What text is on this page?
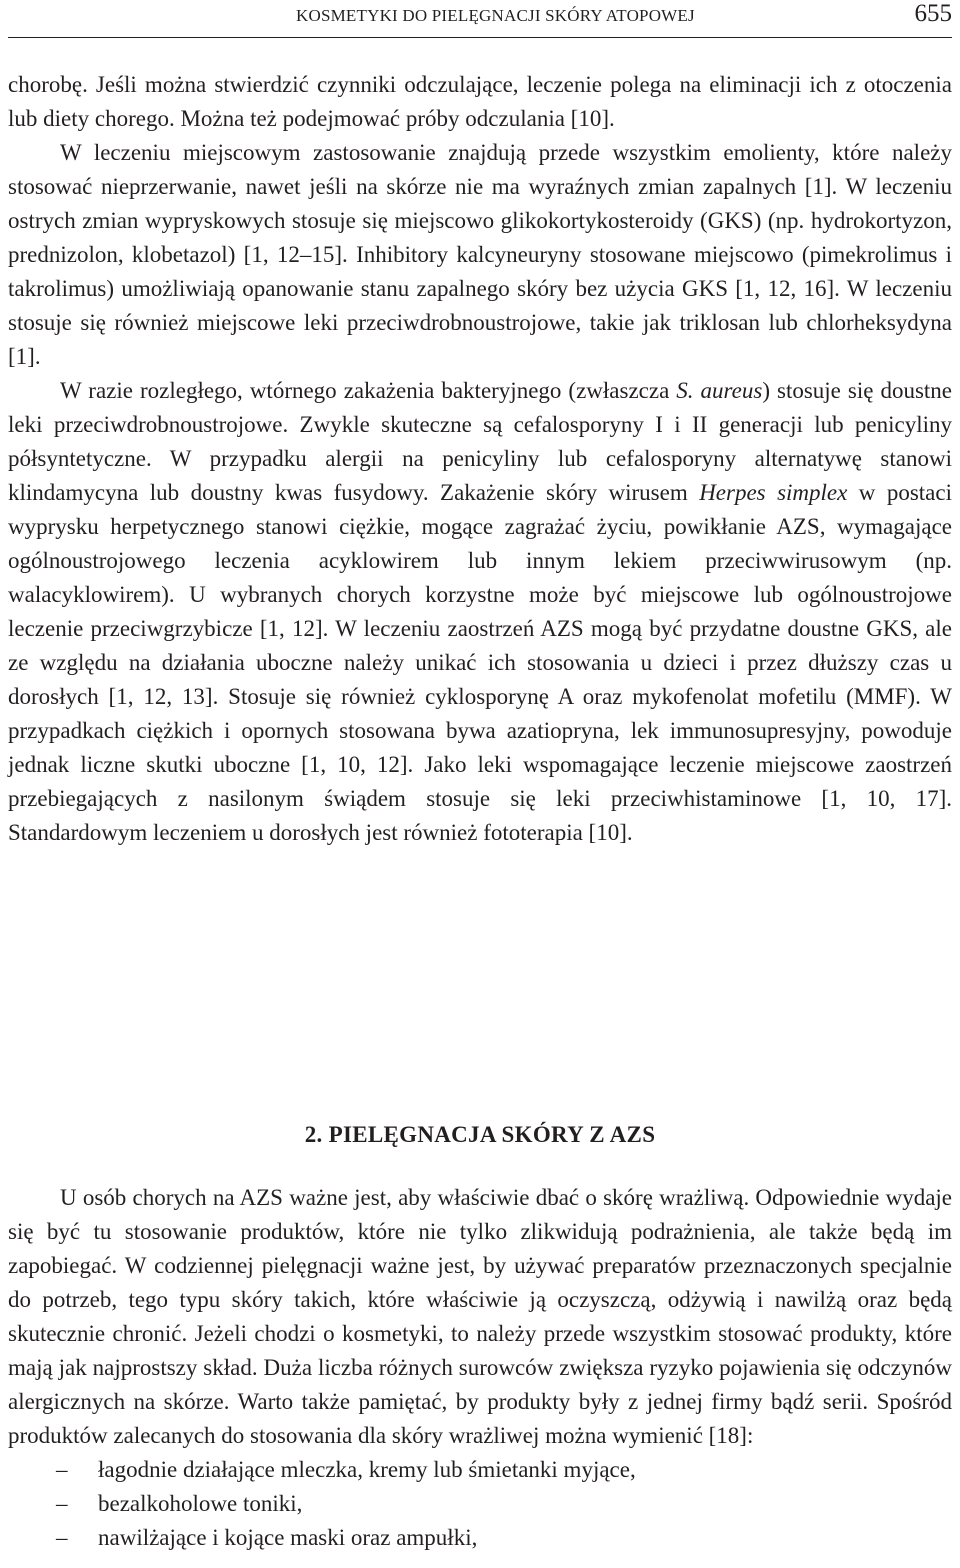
KOSMETYKI DO PIELĘGNACJI SKÓRY ATOPOWEJ	655

chorobę. Jeśli można stwierdzić czynniki odczulające, leczenie polega na eliminacji ich z otoczenia lub diety chorego. Można też podejmować próby odczulania [10].

W leczeniu miejscowym zastosowanie znajdują przede wszystkim emolienty, które należy stosować nieprzerwanie, nawet jeśli na skórze nie ma wyraźnych zmian zapalnych [1]. W leczeniu ostrych zmian wypryskowych stosuje się miejscowo glikokortykosteroidy (GKS) (np. hydrokortyzon, prednizolon, klobetazol) [1, 12–15]. Inhibitory kalcyneuryny stosowane miejscowo (pimekrolimus i takrolimus) umożliwiają opanowanie stanu zapalnego skóry bez użycia GKS [1, 12, 16]. W leczeniu stosuje się również miejscowe leki przeciwdrobnoustrojowe, takie jak triklosan lub chlorheksydyna [1].

W razie rozległego, wtórnego zakażenia bakteryjnego (zwłaszcza S. aureus) stosuje się doustne leki przeciwdrobnoustrojowe. Zwykle skuteczne są cefalosporyny I i II generacji lub penicyliny półsyntetyczne. W przypadku alergii na penicyliny lub cefalosporyny alternatywę stanowi klindamycyna lub doustny kwas fusydowy. Zakażenie skóry wirusem Herpes simplex w postaci wyprysku herpetycznego stanowi ciężkie, mogące zagrażać życiu, powikłanie AZS, wymagające ogólnoustrojowego leczenia acyklowirem lub innym lekiem przeciwwirusowym (np. walacyklowirem). U wybranych chorych korzystne może być miejscowe lub ogólnoustrojowe leczenie przeciwgrzybicze [1, 12]. W leczeniu zaostrzeń AZS mogą być przydatne doustne GKS, ale ze względu na działania uboczne należy unikać ich stosowania u dzieci i przez dłuższy czas u dorosłych [1, 12, 13]. Stosuje się również cyklosporynę A oraz mykofenolat mofetilu (MMF). W przypadkach ciężkich i opornych stosowana bywa azatiopryna, lek immunosupresyjny, powoduje jednak liczne skutki uboczne [1, 10, 12]. Jako leki wspomagające leczenie miejscowe zaostrzeń przebiegających z nasilonym świądem stosuje się leki przeciwhistaminowe [1, 10, 17]. Standardowym leczeniem u dorosłych jest również fototerapia [10].

2. PIELĘGNACJA SKÓRY Z AZS

U osób chorych na AZS ważne jest, aby właściwie dbać o skórę wrażliwą. Odpowiednie wydaje się być tu stosowanie produktów, które nie tylko zlikwidują podrażnienia, ale także będą im zapobiegać. W codziennej pielęgnacji ważne jest, by używać preparatów przeznaczonych specjalnie do potrzeb, tego typu skóry takich, które właściwie ją oczyszczą, odżywią i nawilżą oraz będą skutecznie chronić. Jeżeli chodzi o kosmetyki, to należy przede wszystkim stosować produkty, które mają jak najprostszy skład. Duża liczba różnych surowców zwiększa ryzyko pojawienia się odczynów alergicznych na skórze. Warto także pamiętać, by produkty były z jednej firmy bądź serii. Spośród produktów zalecanych do stosowania dla skóry wrażliwej można wymienić [18]:

– łagodnie działające mleczka, kremy lub śmietanki myjące,
– bezalkoholowe toniki,
– nawilżające i kojące maski oraz ampułki,
